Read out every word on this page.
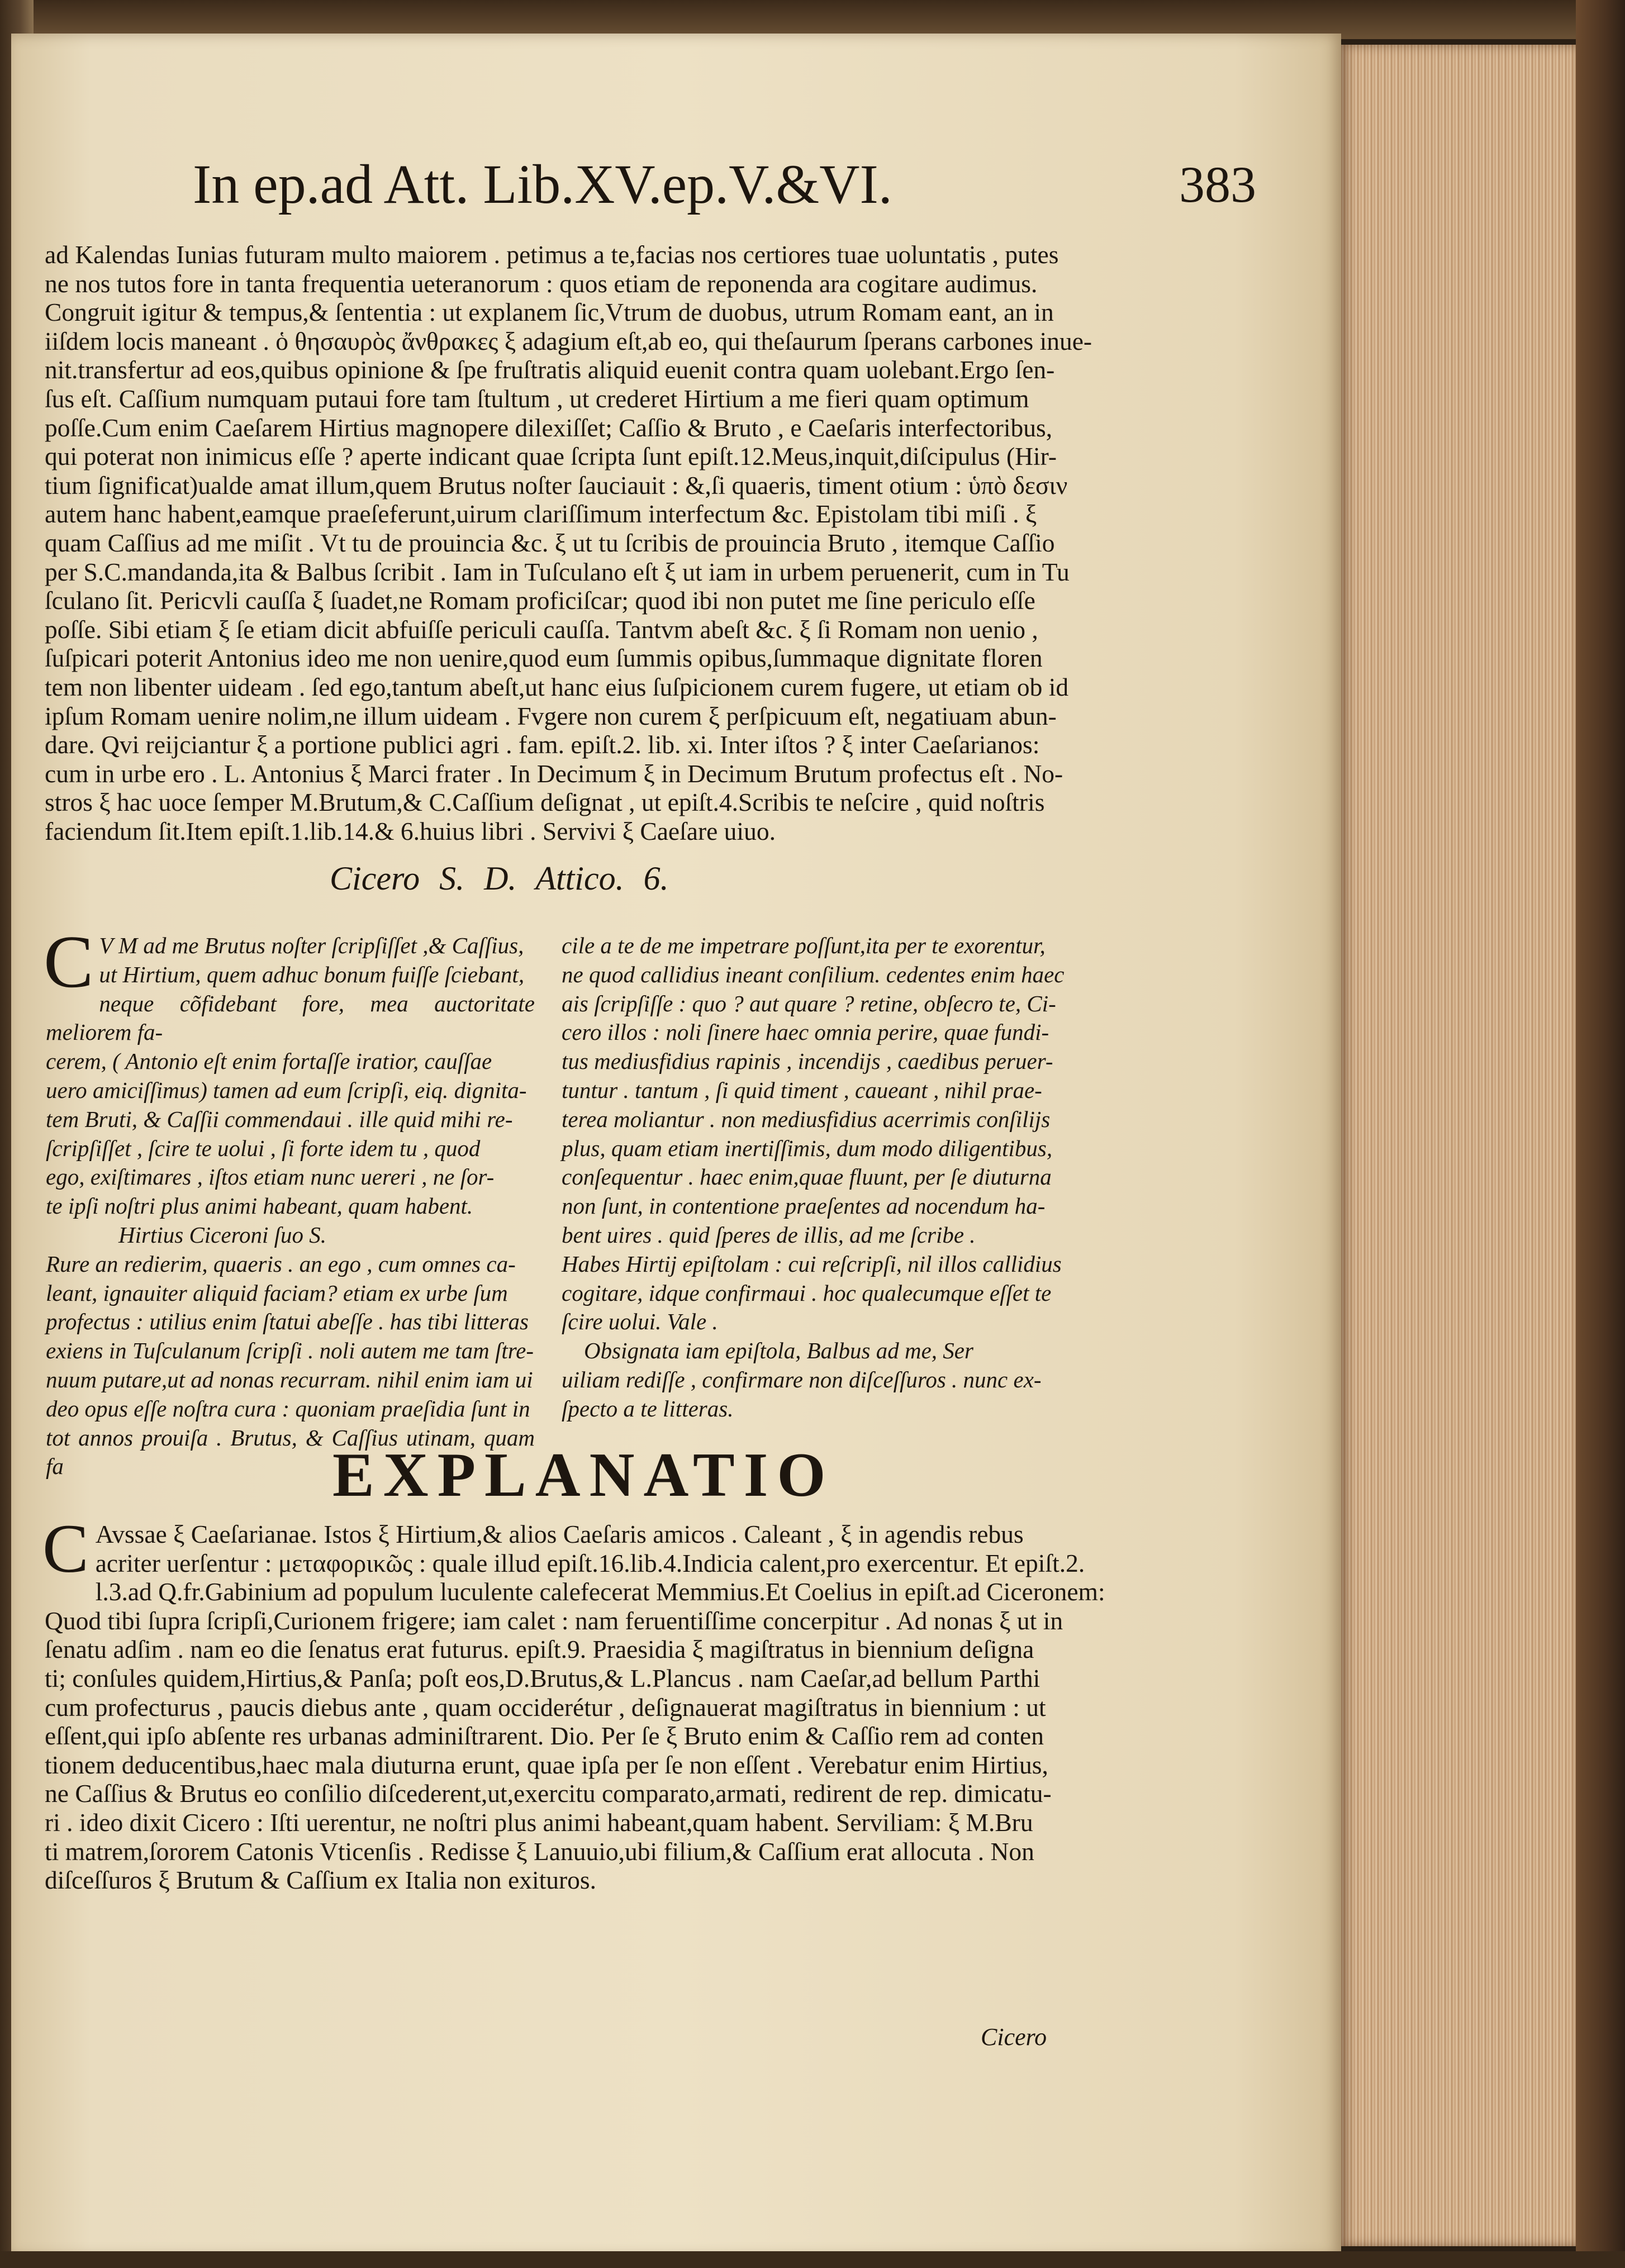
In ep.ad Att. Lib.XV.ep.V.&VI.	383

ad Kalendas Iunias futuram multo maiorem . petimus a te,facias nos certiores tuae uoluntatis , putes

ne nos tutos fore in tanta frequentia ueteranorum : quos etiam de reponenda ara cogitare audimus.

Congruit igitur & tempus,& ſententia : ut explanem ſic,Vtrum de duobus, utrum Romam eant, an in

iiſdem locis maneant . ὁ θησαυρὸς ἄνθρακες ξ adagium eſt,ab eo, qui theſaurum ſperans carbones inue-

nit.transfertur ad eos,quibus opinione & ſpe fruſtratis aliquid euenit contra quam uolebant.Ergo ſen-

ſus eſt. Caſſium numquam putaui fore tam ſtultum , ut crederet Hirtium a me fieri quam optimum

poſſe.Cum enim Caeſarem Hirtius magnopere dilexiſſet; Caſſio & Bruto , e Caeſaris interfectoribus,

qui poterat non inimicus eſſe ? aperte indicant quae ſcripta ſunt epiſt.12.Meus,inquit,diſcipulus (Hir-

tium ſignificat)ualde amat illum,quem Brutus noſter ſauciauit : &,ſi quaeris, timent otium : ὑπὸ δεσιν

autem hanc habent,eamque praeſeferunt,uirum clariſſimum interfectum &c. Epistolam tibi miſi . ξ

quam Caſſius ad me miſit . Vt tu de prouincia &c. ξ ut tu ſcribis de prouincia Bruto , itemque Caſſio

per S.C.mandanda,ita & Balbus ſcribit . Iam in Tuſculano eſt ξ ut iam in urbem peruenerit, cum in Tu

ſculano ſit. Pericvli cauſſa ξ ſuadet,ne Romam proficiſcar; quod ibi non putet me ſine periculo eſſe

poſſe. Sibi etiam ξ ſe etiam dicit abfuiſſe periculi cauſſa. Tantvm abeſt &c. ξ ſi Romam non uenio ,

ſuſpicari poterit Antonius ideo me non uenire,quod eum ſummis opibus,ſummaque dignitate floren

tem non libenter uideam . ſed ego,tantum abeſt,ut hanc eius ſuſpicionem curem fugere, ut etiam ob id

ipſum Romam uenire nolim,ne illum uideam . Fvgere non curem ξ perſpicuum eſt, negatiuam abun-

dare. Qvi reijciantur ξ a portione publici agri . fam. epiſt.2. lib. xi. Inter iſtos ? ξ inter Caeſarianos:

cum in urbe ero . L. Antonius ξ Marci frater . In Decimum ξ in Decimum Brutum profectus eſt . No-

stros ξ hac uoce ſemper M.Brutum,& C.Caſſium deſignat , ut epiſt.4.Scribis te neſcire , quid noſtris

faciendum ſit.Item epiſt.1.lib.14.& 6.huius libri . Servivi ξ Caeſare uiuo.

Cicero S. D. Attico. 6.
C V M ad me Brutus noſter ſcripſiſſet ,& Caſſius,

ut Hirtium, quem adhuc bonum fuiſſe ſciebant,

neque cõfidebant fore, mea auctoritate meliorem fa-

cerem, ( Antonio eſt enim fortaſſe iratior, cauſſae

uero amiciſſimus) tamen ad eum ſcripſi, eiq. dignita-

tem Bruti, & Caſſii commendaui . ille quid mihi re-

ſcripſiſſet , ſcire te uolui , ſi forte idem tu , quod

ego, exiſtimares , iſtos etiam nunc uereri , ne ſor-

te ipſi noſtri plus animi habeant, quam habent.

Hirtius Ciceroni ſuo S.

Rure an redierim, quaeris . an ego , cum omnes ca-

leant, ignauiter aliquid faciam? etiam ex urbe ſum

profectus : utilius enim ſtatui abeſſe . has tibi litteras

exiens in Tuſculanum ſcripſi . noli autem me tam ſtre-

nuum putare,ut ad nonas recurram. nihil enim iam ui

deo opus eſſe noſtra cura : quoniam praeſidia ſunt in

tot annos prouiſa . Brutus, & Caſſius utinam, quam fa

cile a te de me impetrare poſſunt,ita per te exorentur,

ne quod callidius ineant conſilium. cedentes enim haec

ais ſcripſiſſe : quo ? aut quare ? retine, obſecro te, Ci-

cero illos : noli ſinere haec omnia perire, quae fundi-

tus mediusfidius rapinis , incendijs , caedibus peruer-

tuntur . tantum , ſi quid timent , caueant , nihil prae-

terea moliantur . non mediusfidius acerrimis conſilijs

plus, quam etiam inertiſſimis, dum modo diligentibus,

conſequentur . haec enim,quae fluunt, per ſe diuturna

non ſunt, in contentione praeſentes ad nocendum ha-

bent uires . quid ſperes de illis, ad me ſcribe .

Habes Hirtij epiſtolam : cui reſcripſi, nil illos callidius

cogitare, idque confirmaui . hoc qualecumque eſſet te

ſcire uolui. Vale .

Obsignata iam epiſtola, Balbus ad me, Ser

uiliam rediſſe , confirmare non diſceſſuros . nunc ex-

ſpecto a te litteras.

EXPLANATIO
C Avssae ξ Caeſarianae. Istos ξ Hirtium,& alios Caeſaris amicos . Caleant , ξ in agendis rebus

acriter uerſentur : μεταφορικῶς : quale illud epiſt.16.lib.4.Indicia calent,pro exercentur. Et epiſt.2.

l.3.ad Q.fr.Gabinium ad populum luculente calefecerat Memmius.Et Coelius in epiſt.ad Ciceronem:

Quod tibi ſupra ſcripſi,Curionem frigere; iam calet : nam feruentiſſime concerpitur . Ad nonas ξ ut in

ſenatu adſim . nam eo die ſenatus erat futurus. epiſt.9. Praesidia ξ magiſtratus in biennium deſigna

ti; conſules quidem,Hirtius,& Panſa; poſt eos,D.Brutus,& L.Plancus . nam Caeſar,ad bellum Parthi

cum profecturus , paucis diebus ante , quam occiderétur , deſignauerat magiſtratus in biennium : ut

eſſent,qui ipſo abſente res urbanas adminiſtrarent. Dio. Per ſe ξ Bruto enim & Caſſio rem ad conten

tionem deducentibus,haec mala diuturna erunt, quae ipſa per ſe non eſſent . Verebatur enim Hirtius,

ne Caſſius & Brutus eo conſilio diſcederent,ut,exercitu comparato,armati, redirent de rep. dimicatu-

ri . ideo dixit Cicero : Iſti uerentur, ne noſtri plus animi habeant,quam habent. Serviliam: ξ M.Bru

ti matrem,ſororem Catonis Vticenſis . Redisse ξ Lanuuio,ubi filium,& Caſſium erat allocuta . Non

diſceſſuros ξ Brutum & Caſſium ex Italia non exituros.

Cicero
